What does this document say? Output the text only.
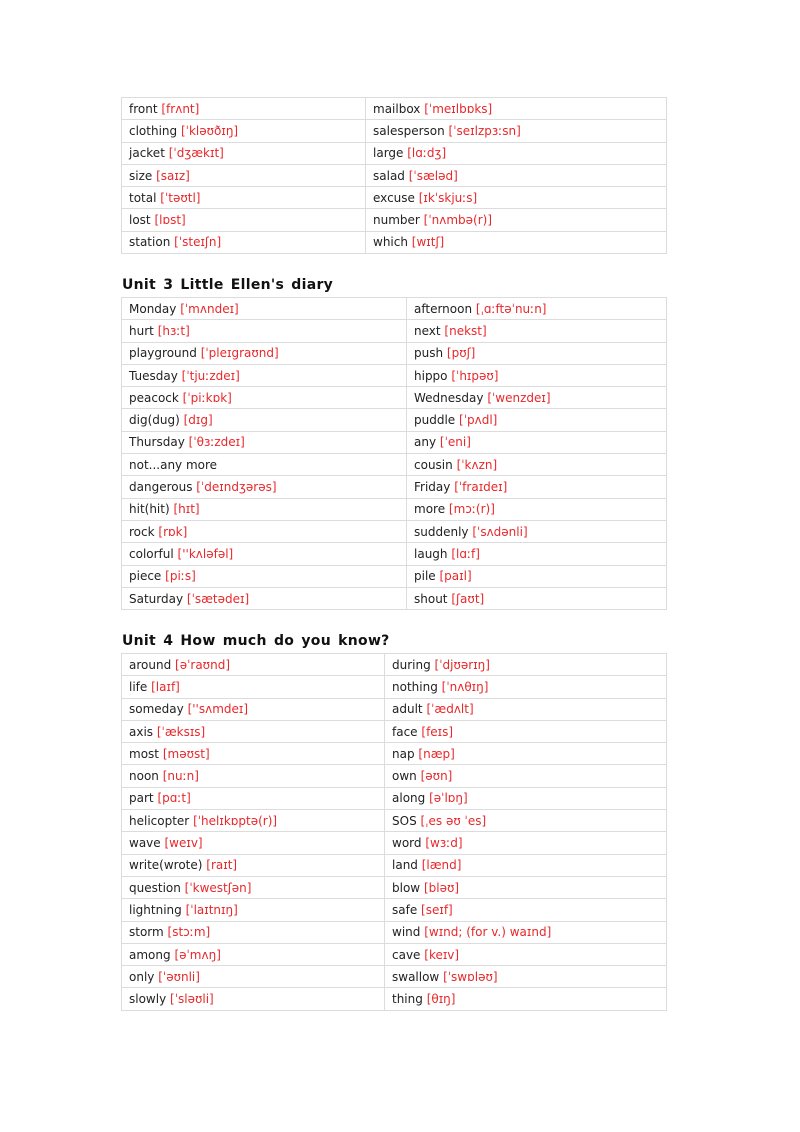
front [frʌnt]	mailbox [ˈmeɪlbɒks]
clothing [ˈkləʊðɪŋ]	salesperson [ˈseɪlzpɜːsn]
jacket [ˈdʒækɪt]	large [lɑːdʒ]
size [saɪz]	salad [ˈsæləd]
total [ˈtəʊtl]	excuse [ɪkˈskjuːs]
lost [lɒst]	number [ˈnʌmbə(r)]
station [ˈsteɪʃn]	which [wɪtʃ]
Unit 3 Little Ellen's diary
Monday [ˈmʌndeɪ]	afternoon [ˌɑːftəˈnuːn]
hurt [hɜːt]	next [nekst]
playground [ˈpleɪgraʊnd]	push [pʊʃ]
Tuesday [ˈtjuːzdeɪ]	hippo [ˈhɪpəʊ]
peacock [ˈpiːkɒk]	Wednesday [ˈwenzdeɪ]
dig(dug) [dɪg]	puddle [ˈpʌdl]
Thursday [ˈθɜːzdeɪ]	any [ˈeni]
not...any more	cousin [ˈkʌzn]
dangerous [ˈdeɪndʒərəs]	Friday [ˈfraɪdeɪ]
hit(hit) [hɪt]	more [mɔː(r)]
rock [rɒk]	suddenly [ˈsʌdənli]
colorful [''kʌləfəl]	laugh [lɑːf]
piece [piːs]	pile [paɪl]
Saturday [ˈsætədeɪ]	shout [ʃaʊt]
Unit 4 How much do you know?
around [əˈraʊnd]	during [ˈdjʊərɪŋ]
life [laɪf]	nothing [ˈnʌθɪŋ]
someday [''sʌmdeɪ]	adult [ˈædʌlt]
axis [ˈæksɪs]	face [feɪs]
most [məʊst]	nap [næp]
noon [nuːn]	own [əʊn]
part [pɑːt]	along [əˈlɒŋ]
helicopter [ˈhelɪkɒptə(r)]	SOS [ˌes əʊ ˈes]
wave [weɪv]	word [wɜːd]
write(wrote) [raɪt]	land [lænd]
question [ˈkwestʃən]	blow [bləʊ]
lightning [ˈlaɪtnɪŋ]	safe [seɪf]
storm [stɔːm]	wind [wɪnd; (for v.) waɪnd]
among [əˈmʌŋ]	cave [keɪv]
only [ˈəʊnli]	swallow [ˈswɒləʊ]
slowly [ˈsləʊli]	thing [θɪŋ]
